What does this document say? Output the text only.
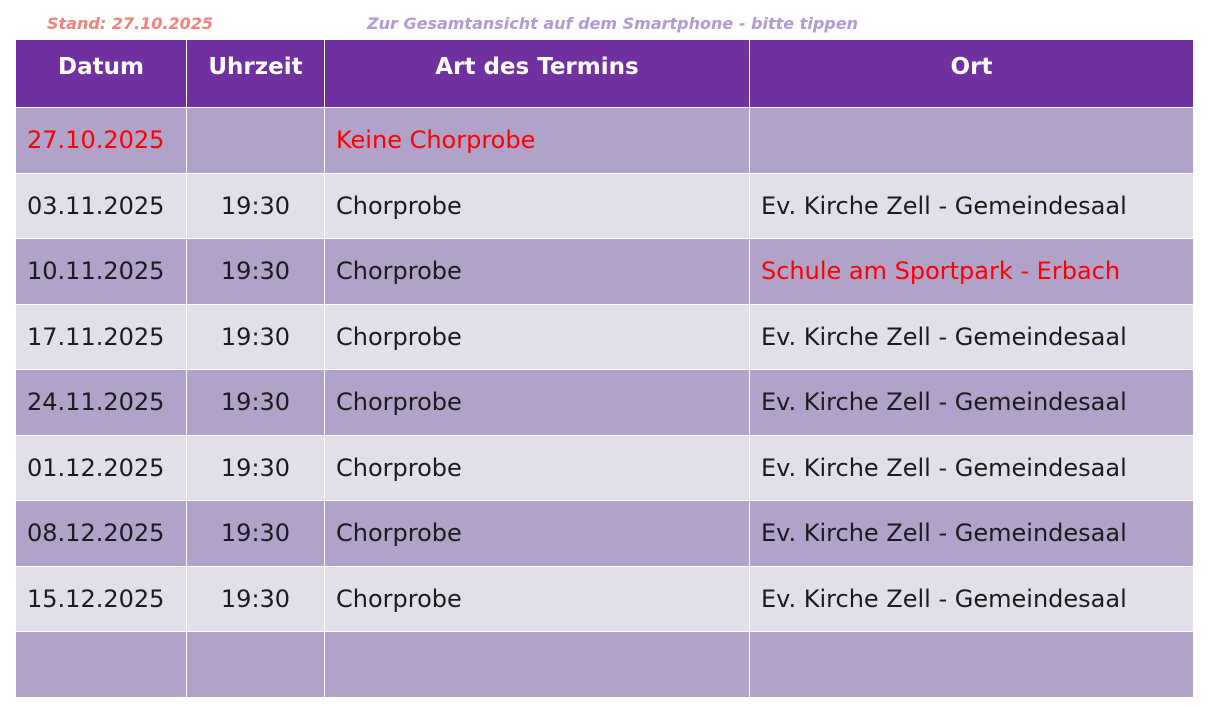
Stand: 27.10.2025	Zur Gesamtansicht auf dem Smartphone - bitte tippen
Datum	Uhrzeit	Art des Termins	Ort
27.10.2025		Keine Chorprobe	
03.11.2025	19:30	Chorprobe	Ev. Kirche Zell - Gemeindesaal
10.11.2025	19:30	Chorprobe	Schule am Sportpark - Erbach
17.11.2025	19:30	Chorprobe	Ev. Kirche Zell - Gemeindesaal
24.11.2025	19:30	Chorprobe	Ev. Kirche Zell - Gemeindesaal
01.12.2025	19:30	Chorprobe	Ev. Kirche Zell - Gemeindesaal
08.12.2025	19:30	Chorprobe	Ev. Kirche Zell - Gemeindesaal
15.12.2025	19:30	Chorprobe	Ev. Kirche Zell - Gemeindesaal
